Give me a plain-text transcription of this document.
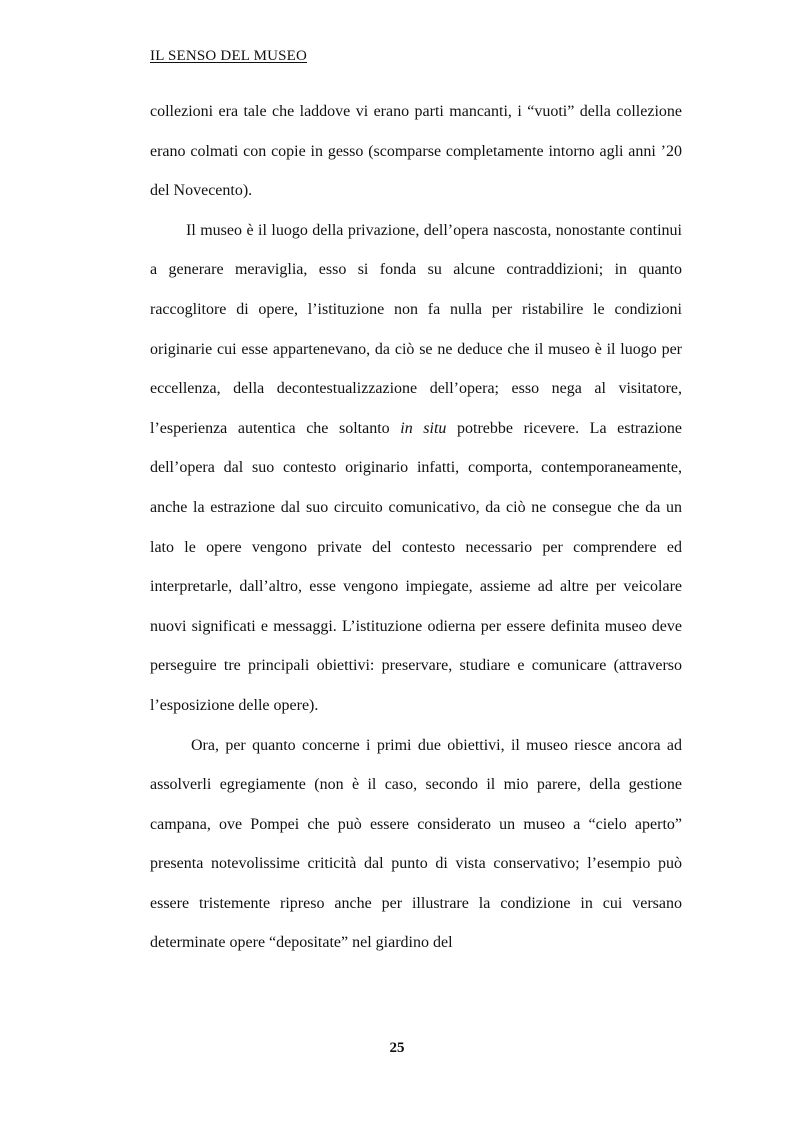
IL SENSO DEL MUSEO

collezioni era tale che laddove vi erano parti mancanti, i “vuoti” della collezione erano colmati con copie in gesso (scomparse completamente intorno agli anni ’20 del Novecento).

Il museo è il luogo della privazione, dell’opera nascosta, nonostante continui a generare meraviglia, esso si fonda su alcune contraddizioni; in quanto raccoglitore di opere, l’istituzione non fa nulla per ristabilire le condizioni originarie cui esse appartenevano, da ciò se ne deduce che il museo è il luogo per eccellenza, della decontestualizzazione dell’opera; esso nega al visitatore, l’esperienza autentica che soltanto in situ potrebbe ricevere. La estrazione dell’opera dal suo contesto originario infatti, comporta, contemporaneamente, anche la estrazione dal suo circuito comunicativo, da ciò ne consegue che da un lato le opere vengono private del contesto necessario per comprendere ed interpretarle, dall’altro, esse vengono impiegate, assieme ad altre per veicolare nuovi significati e messaggi. L’istituzione odierna per essere definita museo deve perseguire tre principali obiettivi: preservare, studiare e comunicare (attraverso l’esposizione delle opere).

Ora, per quanto concerne i primi due obiettivi, il museo riesce ancora ad assolverli egregiamente (non è il caso, secondo il mio parere, della gestione campana, ove Pompei che può essere considerato un museo a “cielo aperto” presenta notevolissime criticità dal punto di vista conservativo; l’esempio può essere tristemente ripreso anche per illustrare la condizione in cui versano determinate opere “depositate” nel giardino del

25
